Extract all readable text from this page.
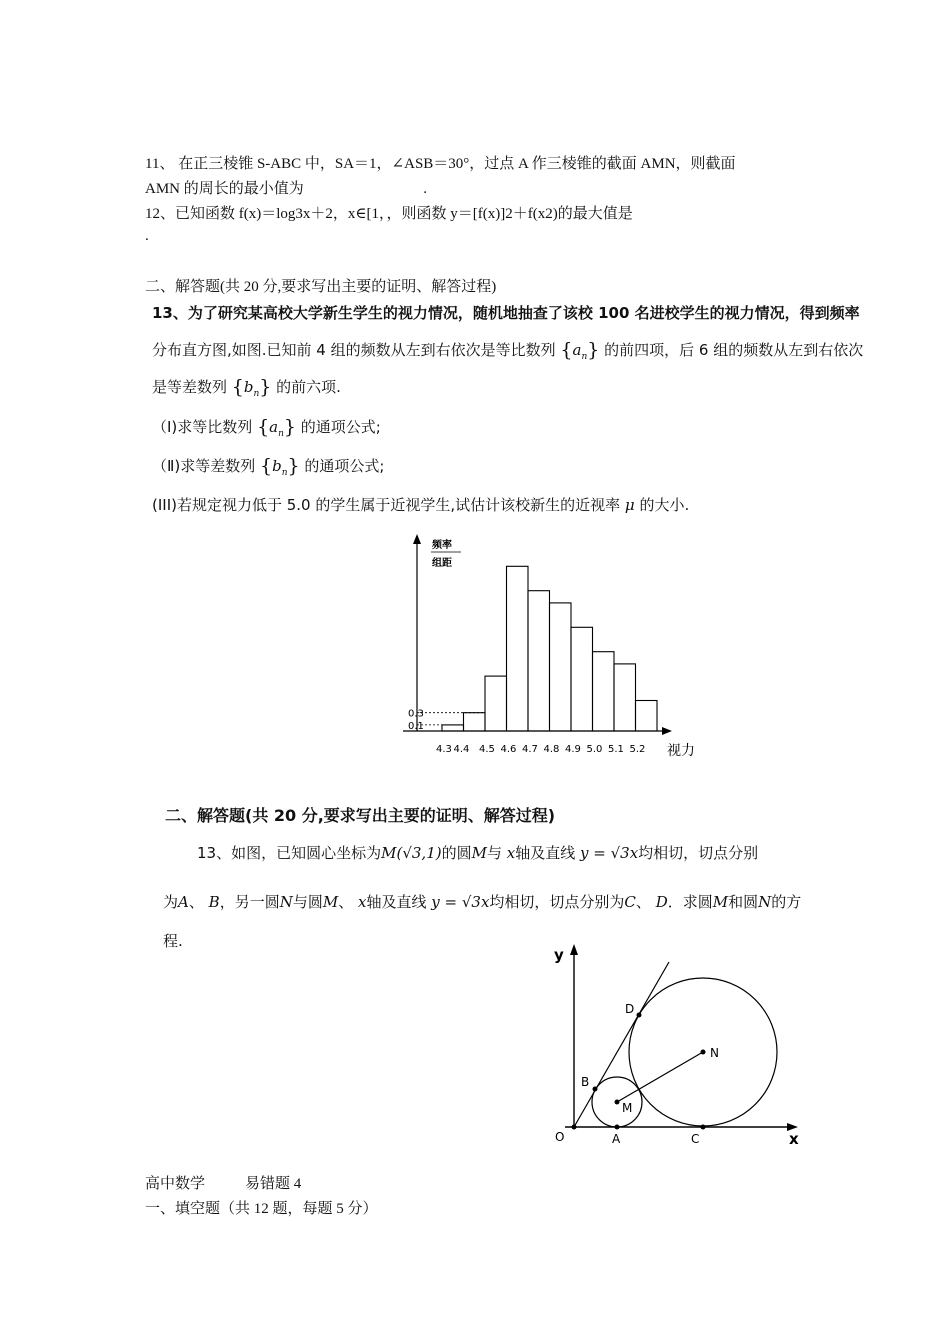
11、 在正三棱锥 S-ABC 中，SA＝1，∠ASB＝30°，过点 A 作三棱锥的截面 AMN，则截面
AMN 的周长的最小值为	.
12、已知函数 f(x)＝log3x＋2，x∈[1，，则函数 y＝[f(x)]2＋f(x2)的最大值是
.
二、解答题(共 20 分,要求写出主要的证明、解答过程)
13、为了研究某高校大学新生学生的视力情况，随机地抽查了该校 100 名进校学生的视力情况，得到频率
分布直方图,如图.已知前 4 组的频数从左到右依次是等比数列 $\{a_n\}$ 的前四项，后 6 组的频数从左到右依次
是等差数列 $\{b_n\}$ 的前六项.
（Ⅰ)求等比数列 $\{a_n\}$ 的通项公式;
（Ⅱ)求等差数列 $\{b_n\}$ 的通项公式;
(III)若规定视力低于 5.0 的学生属于近视学生,试估计该校新生的近视率 μ 的大小.
频率
组距
视力
0.1
0.3
4.3 4.4 4.5 4.6 4.7 4.8 4.9 5.0 5.1 5.2
二、解答题(共 20 分,要求写出主要的证明、解答过程)
13、如图，已知圆心坐标为M(√3,1)的圆M与 x轴及直线 y = √3x均相切，切点分别
为A、 B，另一圆N与圆M、 x轴及直线 y = √3x均相切，切点分别为C、 D．求圆M和圆N的方
程.
y
x
O	A	C
B
D
M
N
高中数学	易错题 4
一、填空题（共 12 题，每题 5 分）
